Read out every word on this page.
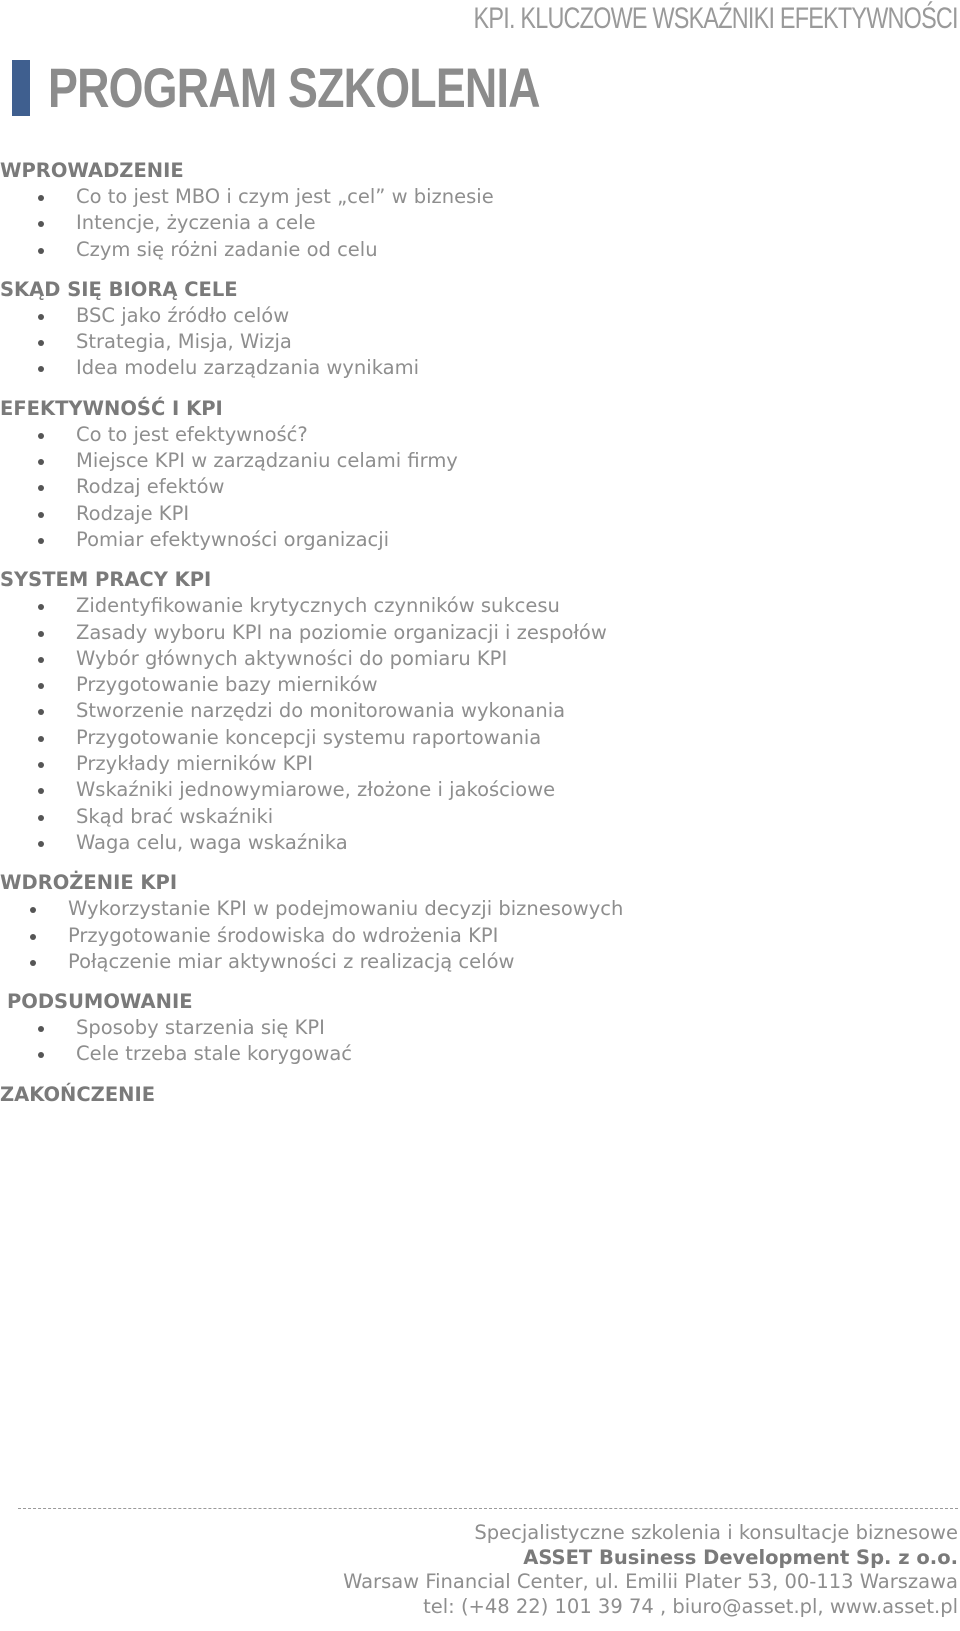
KPI. KLUCZOWE WSKAŹNIKI EFEKTYWNOŚCI
PROGRAM SZKOLENIA
WPROWADZENIE
Co to jest MBO i czym jest „cel” w biznesie
Intencje, życzenia a cele
Czym się różni zadanie od celu
SKĄD SIĘ BIORĄ CELE
BSC jako źródło celów
Strategia, Misja, Wizja
Idea modelu zarządzania wynikami
EFEKTYWNOŚĆ I KPI
Co to jest efektywność?
Miejsce KPI w zarządzaniu celami firmy
Rodzaj efektów
Rodzaje KPI
Pomiar efektywności organizacji
SYSTEM PRACY KPI
Zidentyfikowanie krytycznych czynników sukcesu
Zasady wyboru KPI na poziomie organizacji i zespołów
Wybór głównych aktywności do pomiaru KPI
Przygotowanie bazy mierników
Stworzenie narzędzi do monitorowania wykonania
Przygotowanie koncepcji systemu raportowania
Przykłady mierników KPI
Wskaźniki jednowymiarowe, złożone i jakościowe
Skąd brać wskaźniki
Waga celu, waga wskaźnika
WDROŻENIE KPI
Wykorzystanie KPI w podejmowaniu decyzji biznesowych
Przygotowanie środowiska do wdrożenia KPI
Połączenie miar aktywności z realizacją celów
PODSUMOWANIE
Sposoby starzenia się KPI
Cele trzeba stale korygować
ZAKOŃCZENIE
Specjalistyczne szkolenia i konsultacje biznesowe
ASSET Business Development Sp. z o.o.
Warsaw Financial Center, ul. Emilii Plater 53, 00-113 Warszawa
tel: (+48 22) 101 39 74 , biuro@asset.pl, www.asset.pl
